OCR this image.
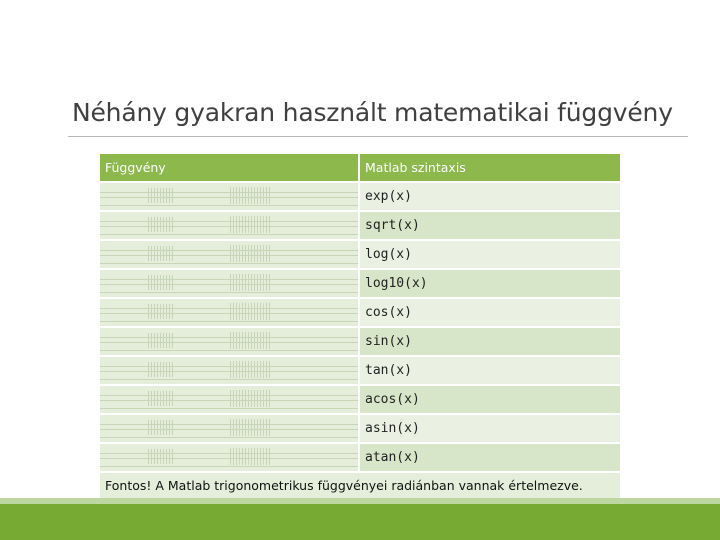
Néhány gyakran használt matematikai függvény
Függvény	Matlab szintaxis
exp(x)
sqrt(x)
log(x)
log10(x)
cos(x)
sin(x)
tan(x)
acos(x)
asin(x)
atan(x)
Fontos! A Matlab trigonometrikus függvényei radiánban vannak értelmezve.
